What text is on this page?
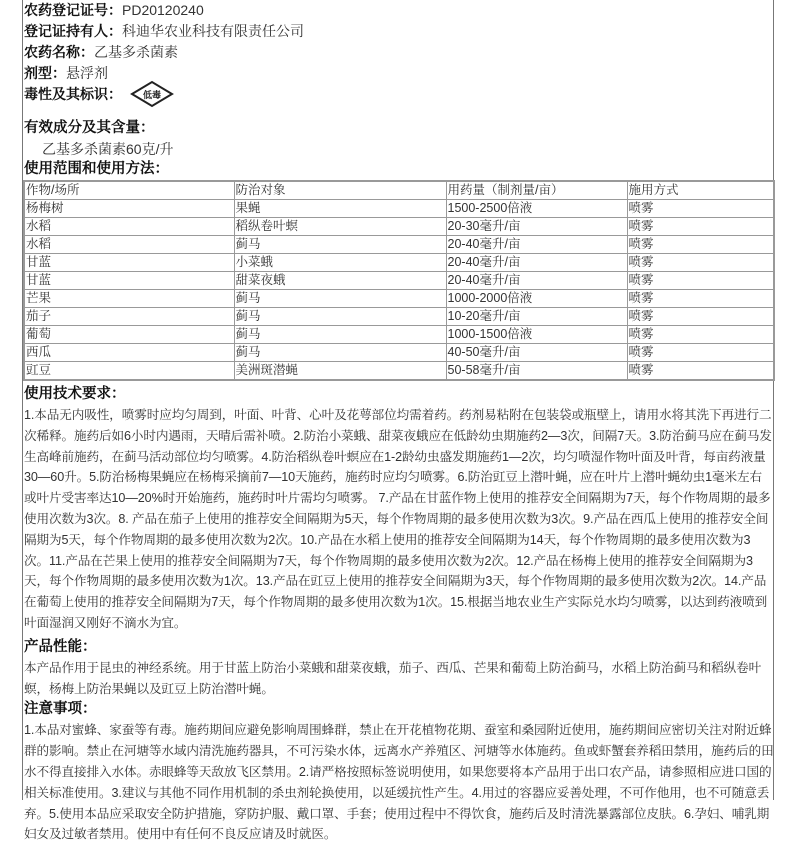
农药登记证号：PD20120240
登记证持有人：科迪华农业科技有限责任公司
农药名称：乙基多杀菌素
剂型：悬浮剂
毒性及其标识： 低毒
有效成分及其含量：
乙基多杀菌素60克/升
使用范围和使用方法：
作物/场所	防治对象	用药量（制剂量/亩）	施用方式
杨梅树	果蝇	1500-2500倍液	喷雾
水稻	稻纵卷叶螟	20-30毫升/亩	喷雾
水稻	蓟马	20-40毫升/亩	喷雾
甘蓝	小菜蛾	20-40毫升/亩	喷雾
甘蓝	甜菜夜蛾	20-40毫升/亩	喷雾
芒果	蓟马	1000-2000倍液	喷雾
茄子	蓟马	10-20毫升/亩	喷雾
葡萄	蓟马	1000-1500倍液	喷雾
西瓜	蓟马	40-50毫升/亩	喷雾
豇豆	美洲斑潜蝇	50-58毫升/亩	喷雾
使用技术要求：
1.本品无内吸性，喷雾时应均匀周到，叶面、叶背、心叶及花萼部位均需着药。药剂易粘附在包装袋或瓶壁上，请用水将其洗下再进行二次稀释。施药后如6小时内遇雨，天晴后需补喷。2.防治小菜蛾、甜菜夜蛾应在低龄幼虫期施药2—3次，间隔7天。3.防治蓟马应在蓟马发生高峰前施药，在蓟马活动部位均匀喷雾。4.防治稻纵卷叶螟应在1-2龄幼虫盛发期施药1—2次，均匀喷湿作物叶面及叶背，每亩药液量30—60升。5.防治杨梅果蝇应在杨梅采摘前7—10天施药，施药时应均匀喷雾。6.防治豇豆上潜叶蝇，应在叶片上潜叶蝇幼虫1毫米左右或叶片受害率达10—20%时开始施药，施药时叶片需均匀喷雾。 7.产品在甘蓝作物上使用的推荐安全间隔期为7天，每个作物周期的最多使用次数为3次。8. 产品在茄子上使用的推荐安全间隔期为5天，每个作物周期的最多使用次数为3次。9.产品在西瓜上使用的推荐安全间隔期为5天，每个作物周期的最多使用次数为2次。10.产品在水稻上使用的推荐安全间隔期为14天，每个作物周期的最多使用次数为3次。11.产品在芒果上使用的推荐安全间隔期为7天，每个作物周期的最多使用次数为2次。12.产品在杨梅上使用的推荐安全间隔期为3天，每个作物周期的最多使用次数为1次。13.产品在豇豆上使用的推荐安全间隔期为3天，每个作物周期的最多使用次数为2次。14.产品在葡萄上使用的推荐安全间隔期为7天，每个作物周期的最多使用次数为1次。15.根据当地农业生产实际兑水均匀喷雾，以达到药液喷到叶面湿润又刚好不滴水为宜。
产品性能：
本产品作用于昆虫的神经系统。用于甘蓝上防治小菜蛾和甜菜夜蛾，茄子、西瓜、芒果和葡萄上防治蓟马，水稻上防治蓟马和稻纵卷叶螟，杨梅上防治果蝇以及豇豆上防治潜叶蝇。
注意事项：
1.本品对蜜蜂、家蚕等有毒。施药期间应避免影响周围蜂群，禁止在开花植物花期、蚕室和桑园附近使用，施药期间应密切关注对附近蜂群的影响。禁止在河塘等水域内清洗施药器具，不可污染水体，远离水产养殖区、河塘等水体施药。鱼或虾蟹套养稻田禁用，施药后的田水不得直接排入水体。赤眼蜂等天敌放飞区禁用。2.请严格按照标签说明使用，如果您要将本产品用于出口农产品，请参照相应进口国的相关标准使用。3.建议与其他不同作用机制的杀虫剂轮换使用，以延缓抗性产生。4.用过的容器应妥善处理，不可作他用，也不可随意丢弃。5.使用本品应采取安全防护措施，穿防护服、戴口罩、手套；使用过程中不得饮食，施药后及时清洗暴露部位皮肤。6.孕妇、哺乳期妇女及过敏者禁用。使用中有任何不良反应请及时就医。
